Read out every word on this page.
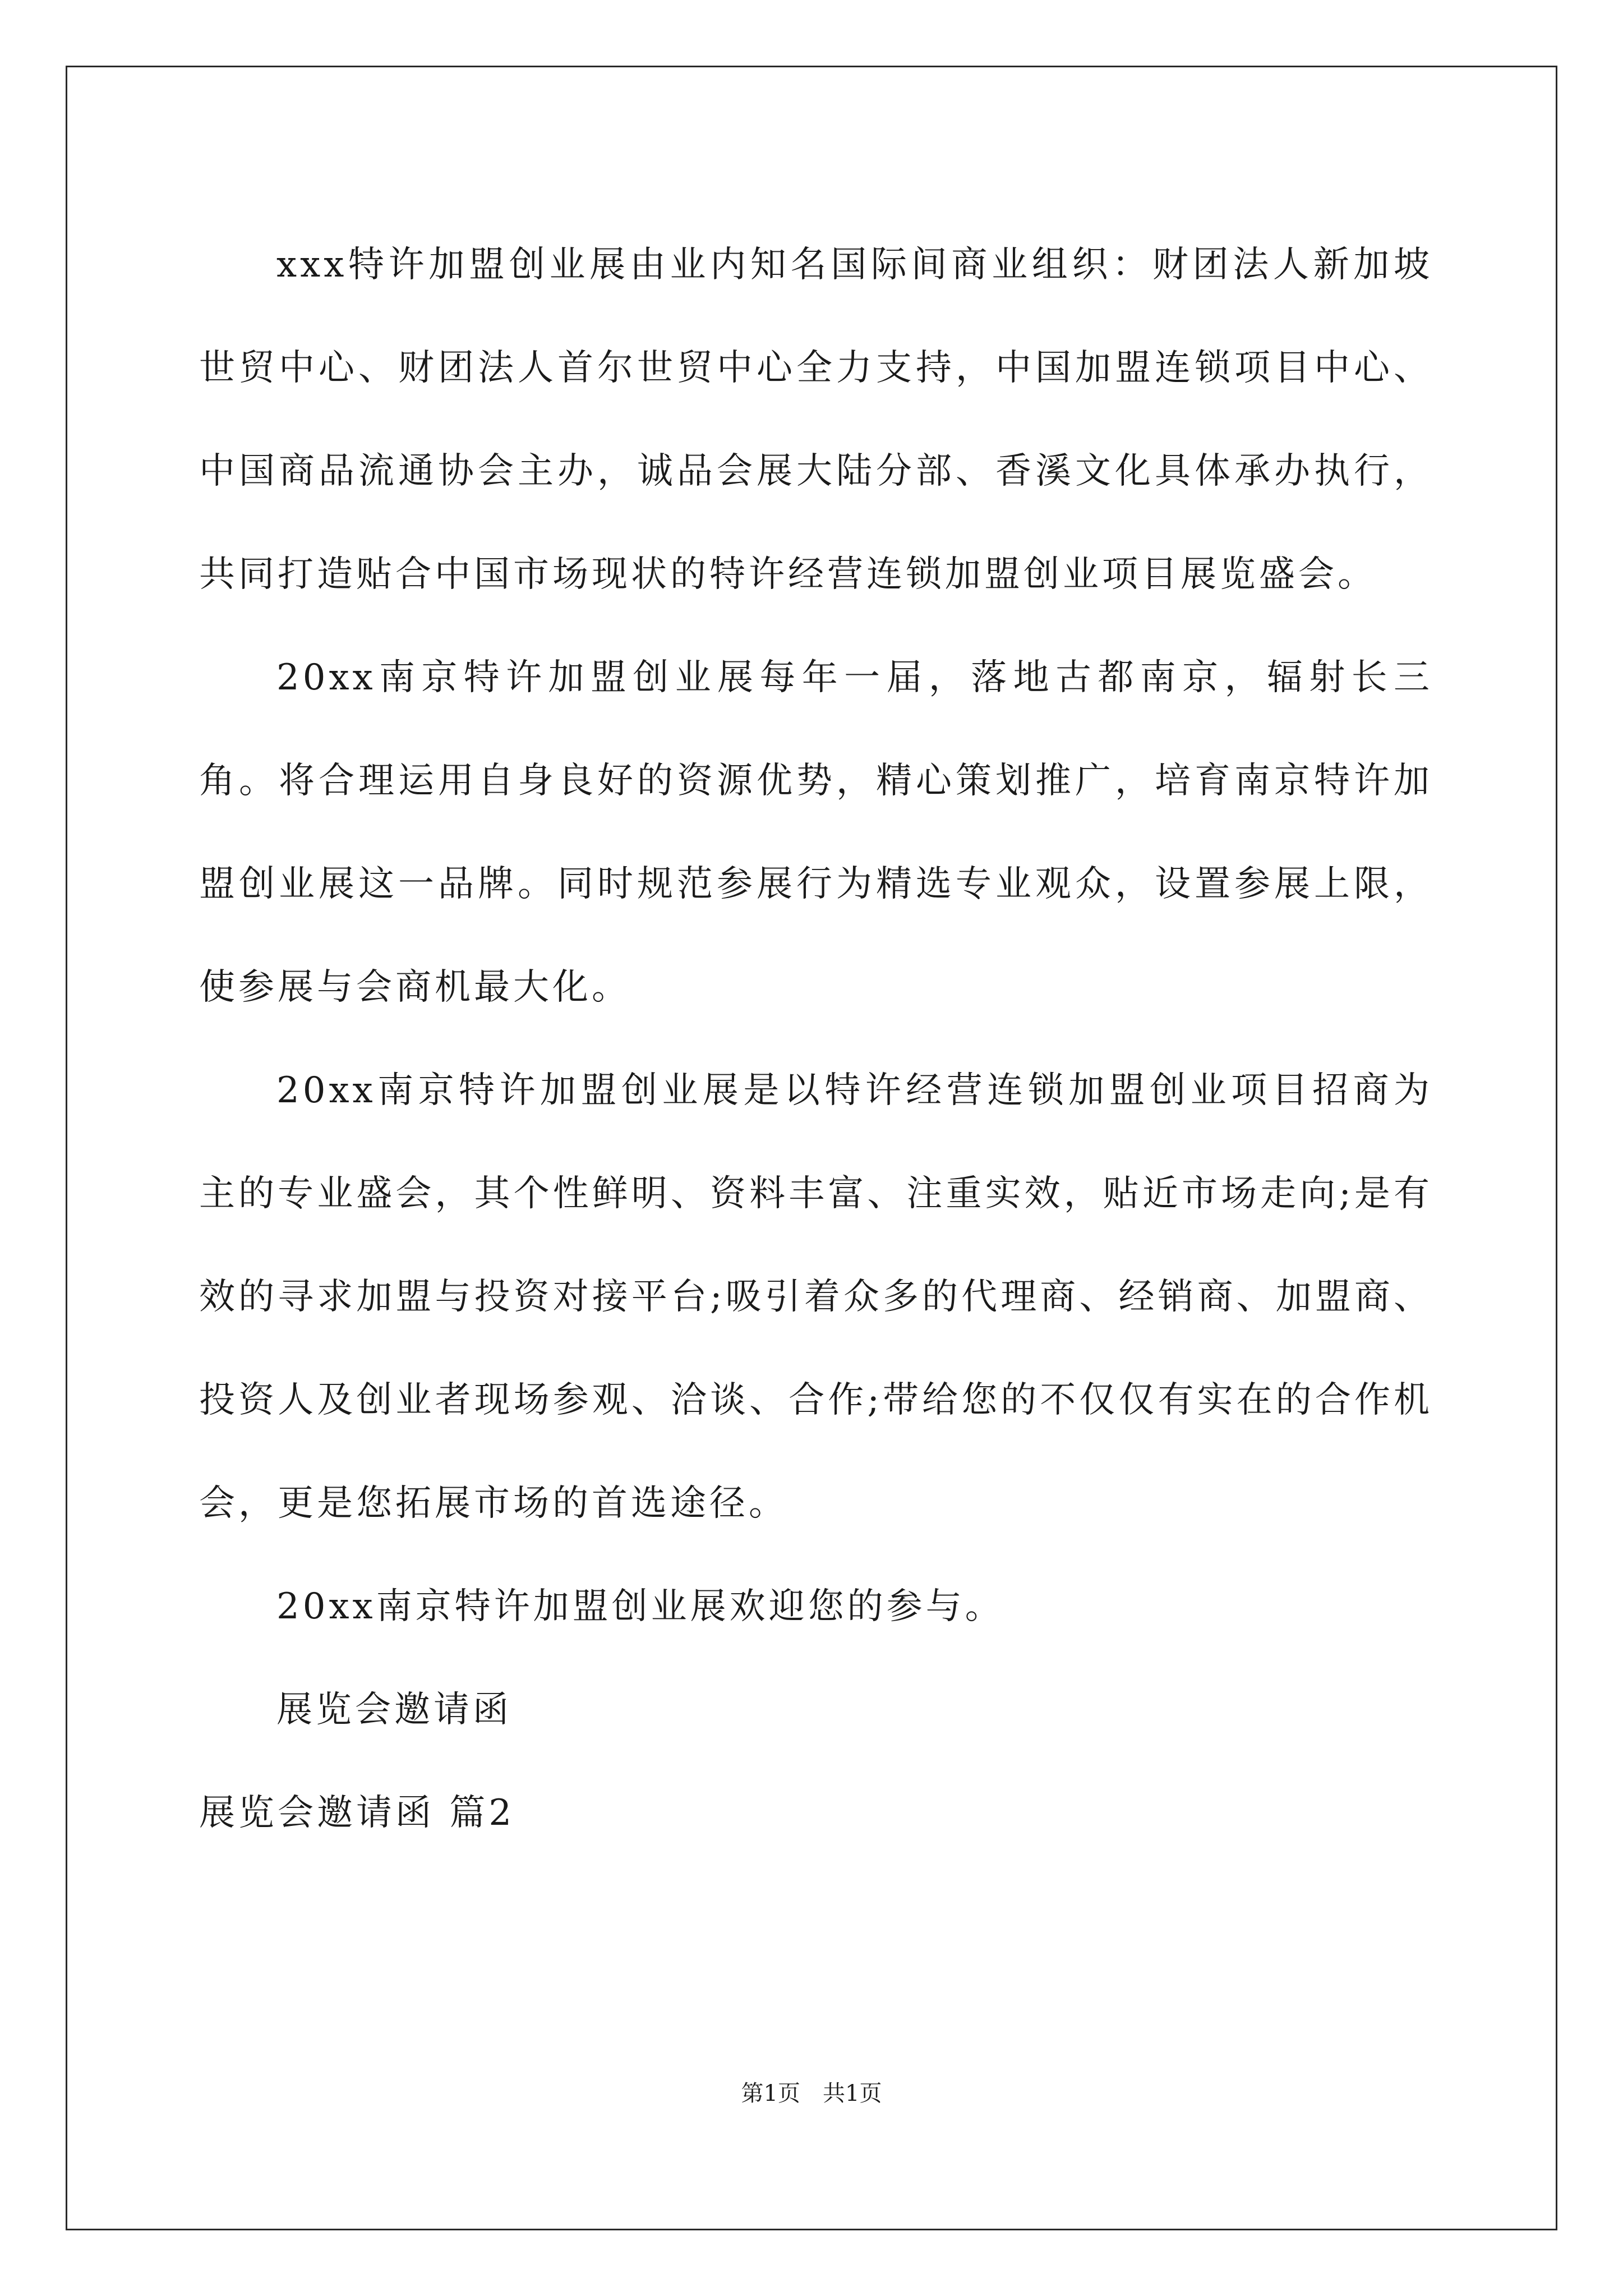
xxx特许加盟创业展由业内知名国际间商业组织：财团法人新加坡世贸中心、财团法人首尔世贸中心全力支持，中国加盟连锁项目中心、中国商品流通协会主办，诚品会展大陆分部、香溪文化具体承办执行，共同打造贴合中国市场现状的特许经营连锁加盟创业项目展览盛会。

20xx南京特许加盟创业展每年一届，落地古都南京，辐射长三角。将合理运用自身良好的资源优势，精心策划推广，培育南京特许加盟创业展这一品牌。同时规范参展行为精选专业观众，设置参展上限，使参展与会商机最大化。

20xx南京特许加盟创业展是以特许经营连锁加盟创业项目招商为主的专业盛会，其个性鲜明、资料丰富、注重实效，贴近市场走向;是有效的寻求加盟与投资对接平台;吸引着众多的代理商、经销商、加盟商、投资人及创业者现场参观、洽谈、合作;带给您的不仅仅有实在的合作机会，更是您拓展市场的首选途径。

20xx南京特许加盟创业展欢迎您的参与。

展览会邀请函

展览会邀请函 篇2

第1页　共1页
